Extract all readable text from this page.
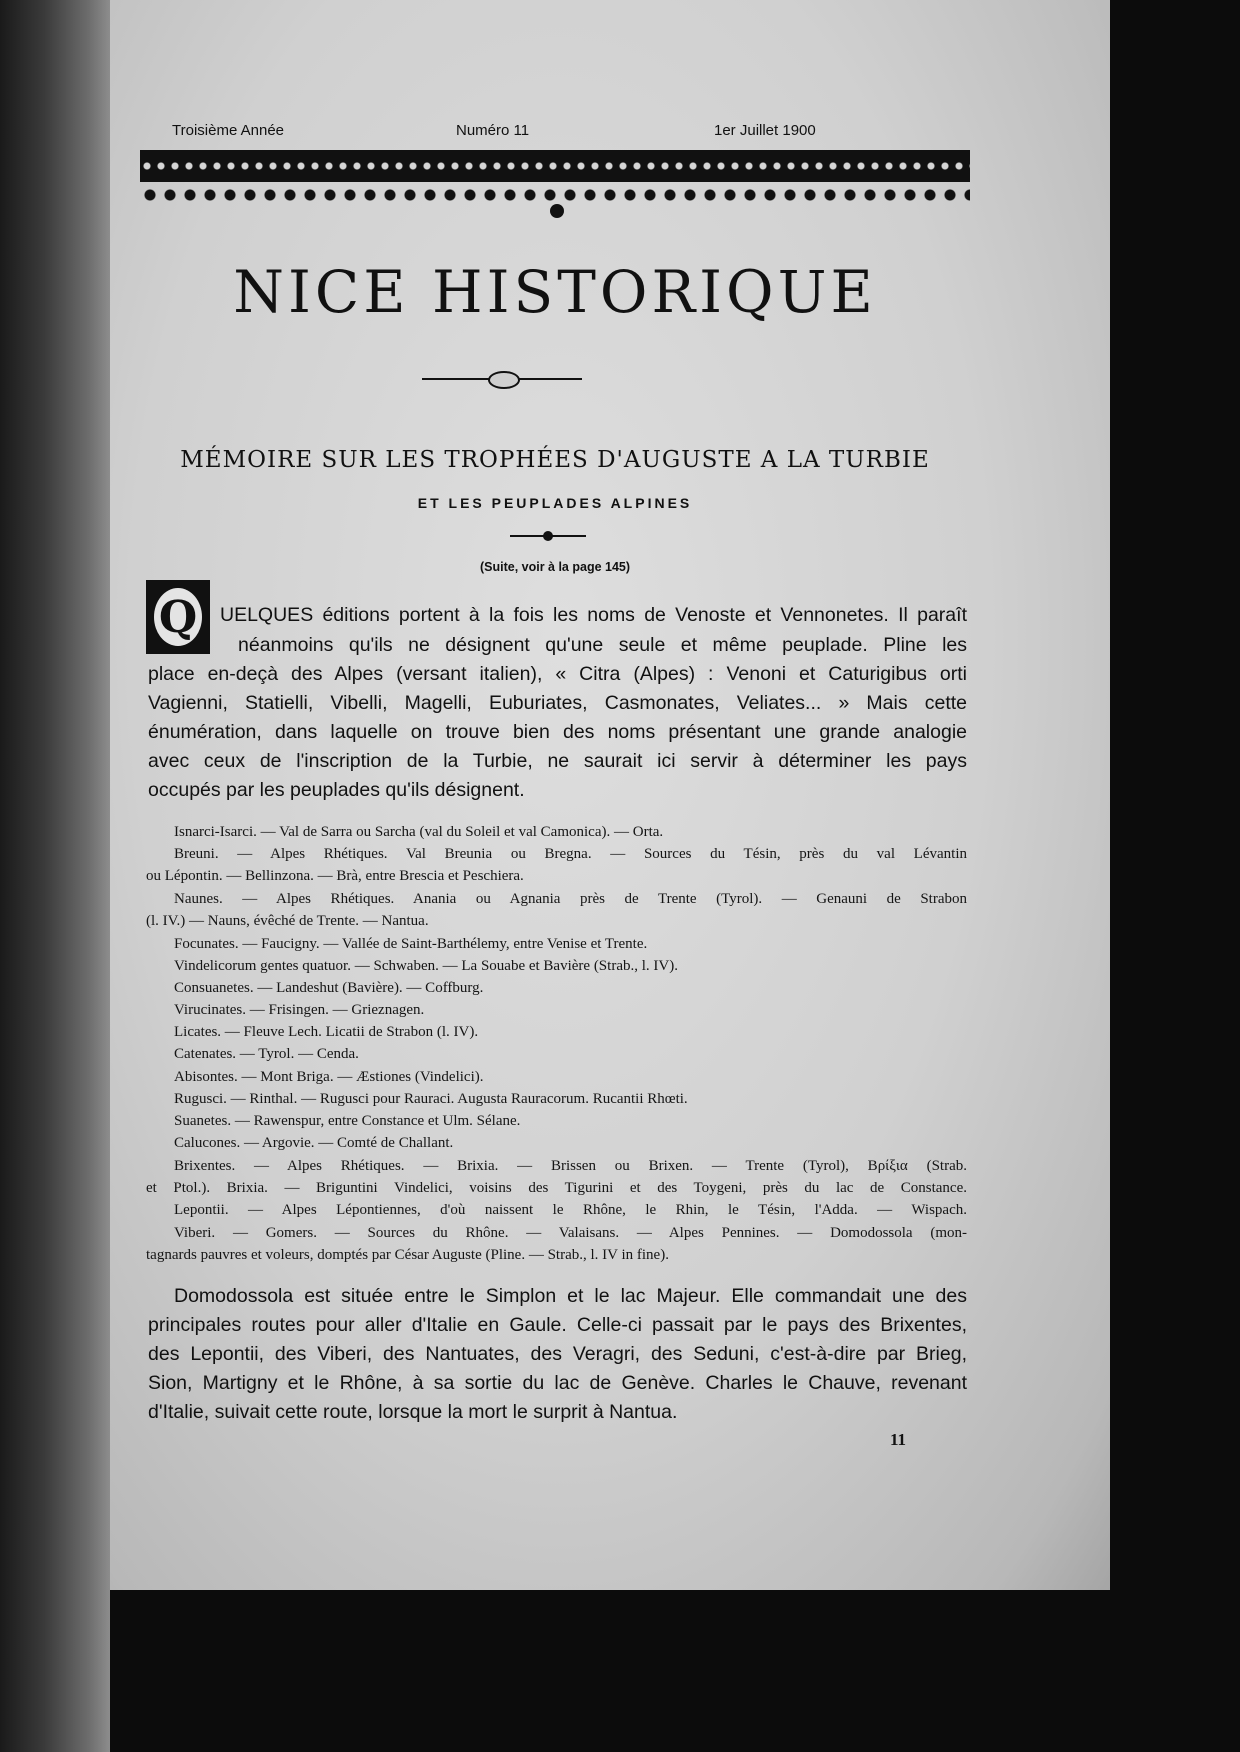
Troisième Année	Numéro 11	1er Juillet 1900
NICE HISTORIQUE
MÉMOIRE SUR LES TROPHÉES D'AUGUSTE A LA TURBIE
ET LES PEUPLADES ALPINES
(Suite, voir à la page 145)
Q UELQUES éditions portent à la fois les noms de Venoste et Vennonetes. Il paraît
néanmoins qu'ils ne désignent qu'une seule et même peuplade. Pline les
place en-deçà des Alpes (versant italien), « Citra (Alpes) : Venoni et Caturigibus orti
Vagienni, Statielli, Vibelli, Magelli, Euburiates, Casmonates, Veliates... » Mais cette
énumération, dans laquelle on trouve bien des noms présentant une grande analogie
avec ceux de l'inscription de la Turbie, ne saurait ici servir à déterminer les pays
occupés par les peuplades qu'ils désignent.
Isnarci-Isarci. — Val de Sarra ou Sarcha (val du Soleil et val Camonica). — Orta.
Breuni. — Alpes Rhétiques. Val Breunia ou Bregna. — Sources du Tésin, près du val Lévantin
ou Lépontin. — Bellinzona. — Brà, entre Brescia et Peschiera.
Naunes. — Alpes Rhétiques. Anania ou Agnania près de Trente (Tyrol). — Genauni de Strabon
(l. IV.) — Nauns, évêché de Trente. — Nantua.
Focunates. — Faucigny. — Vallée de Saint-Barthélemy, entre Venise et Trente.
Vindelicorum gentes quatuor. — Schwaben. — La Souabe et Bavière (Strab., l. IV).
Consuanetes. — Landeshut (Bavière). — Coffburg.
Virucinates. — Frisingen. — Grieznagen.
Licates. — Fleuve Lech. Licatii de Strabon (l. IV).
Catenates. — Tyrol. — Cenda.
Abisontes. — Mont Briga. — Æstiones (Vindelici).
Rugusci. — Rinthal. — Ruguscі pour Rauraci. Augusta Rauracorum. Rucantii Rhœti.
Suanetes. — Rawenspur, entre Constance et Ulm. Sélane.
Calucones. — Argovie. — Comté de Challant.
Brixentes. — Alpes Rhétiques. — Brixia. — Brissen ou Brixen. — Trente (Tyrol), Βρίξια (Strab.
et Ptol.). Brixia. — Briguntini Vindelici, voisins des Tigurini et des Toygeni, près du lac de Constance.
Lepontii. — Alpes Lépontiennes, d'où naissent le Rhône, le Rhin, le Tésin, l'Adda. — Wispach.
Viberi. — Gomers. — Sources du Rhône. — Valaisans. — Alpes Pennines. — Domodossola (mon-
tagnards pauvres et voleurs, domptés par César Auguste (Pline. — Strab., l. IV in fine).
Domodossola est située entre le Simplon et le lac Majeur. Elle commandait une des
principales routes pour aller d'Italie en Gaule. Celle-ci passait par le pays des Brixentes,
des Lepontii, des Viberi, des Nantuates, des Veragri, des Seduni, c'est-à-dire par Brieg,
Sion, Martigny et le Rhône, à sa sortie du lac de Genève. Charles le Chauve, revenant
d'Italie, suivait cette route, lorsque la mort le surprit à Nantua.
11
